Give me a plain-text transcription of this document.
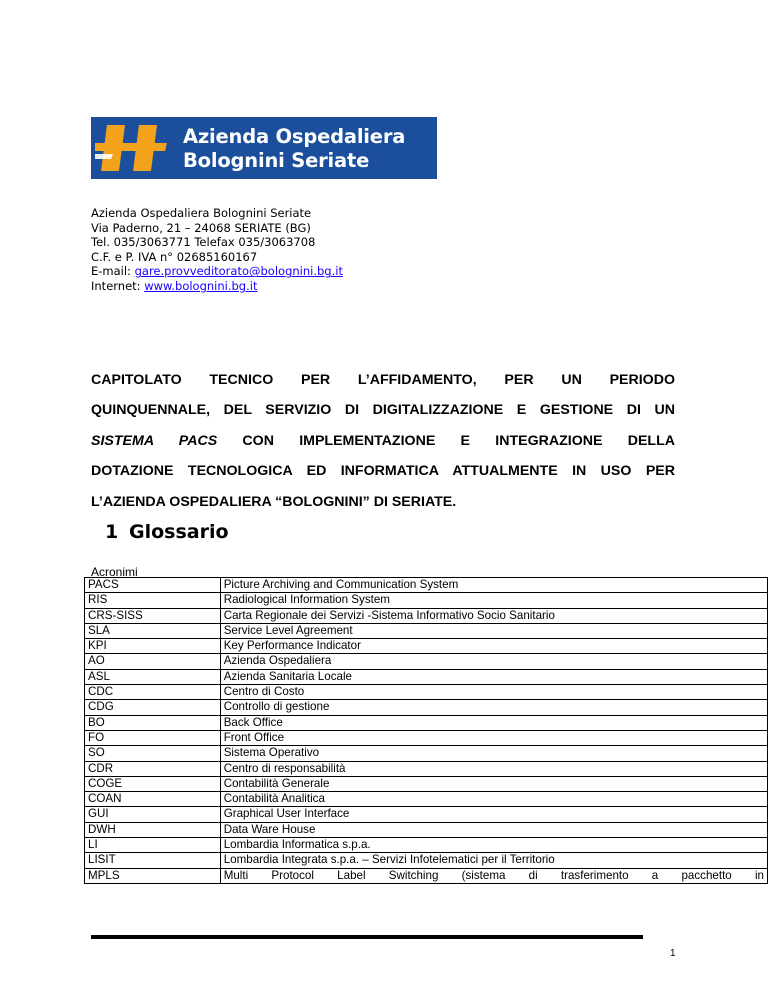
Azienda Ospedaliera
Bolognini Seriate
Azienda Ospedaliera Bolognini Seriate
Via Paderno, 21 – 24068 SERIATE (BG)
Tel. 035/3063771 Telefax 035/3063708
C.F. e P. IVA n° 02685160167
E-mail: gare.provveditorato@bolognini.bg.it
Internet: www.bolognini.bg.it
CAPITOLATO TECNICO PER L’AFFIDAMENTO, PER UN PERIODO
QUINQUENNALE, DEL SERVIZIO DI DIGITALIZZAZIONE E GESTIONE DI UN
SISTEMA PACS CON IMPLEMENTAZIONE E INTEGRAZIONE DELLA
DOTAZIONE TECNOLOGICA ED INFORMATICA ATTUALMENTE IN USO PER
L’AZIENDA OSPEDALIERA “BOLOGNINI” DI SERIATE.
1 Glossario
Acronimi
PACS	Picture Archiving and Communication System
RIS	Radiological Information System
CRS-SISS	Carta Regionale dei Servizi -Sistema Informativo Socio Sanitario
SLA	Service Level Agreement
KPI	Key Performance Indicator
AO	Azienda Ospedaliera
ASL	Azienda Sanitaria Locale
CDC	Centro di Costo
CDG	Controllo di gestione
BO	Back Office
FO	Front Office
SO	Sistema Operativo
CDR	Centro di responsabilità
COGE	Contabilità Generale
COAN	Contabilità Analitica
GUI	Graphical User Interface
DWH	Data Ware House
LI	Lombardia Informatica s.p.a.
LISIT	Lombardia Integrata s.p.a. – Servizi Infotelematici per il Territorio
MPLS	Multi Protocol Label Switching (sistema di trasferimento a pacchetto in
1
